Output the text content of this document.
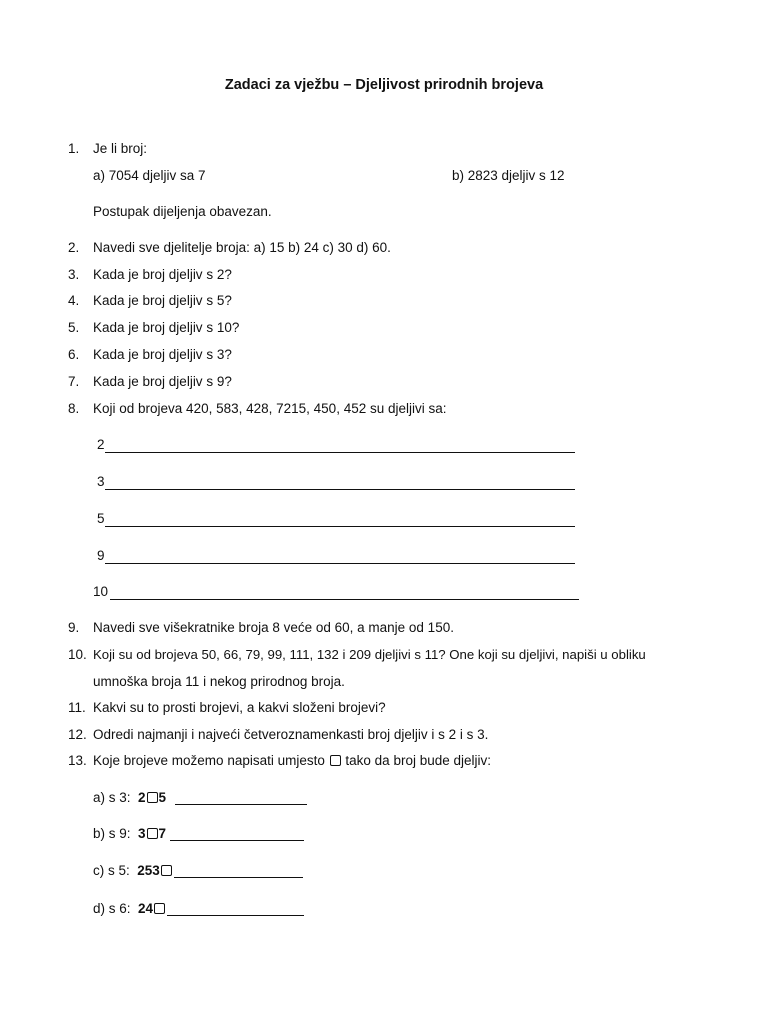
Zadaci za vježbu – Djeljivost prirodnih brojeva
1. Je li broj:
a) 7054 djeljiv sa 7	b) 2823 djeljiv s 12
Postupak dijeljenja obavezan.
2. Navedi sve djelitelje broja: a) 15 b) 24 c) 30 d) 60.
3. Kada je broj djeljiv s 2?
4. Kada je broj djeljiv s 5?
5. Kada je broj djeljiv s 10?
6. Kada je broj djeljiv s 3?
7. Kada je broj djeljiv s 9?
8. Koji od brojeva 420, 583, 428, 7215, 450, 452 su djeljivi sa:
2
3
5
9
10
9. Navedi sve višekratnike broja 8 veće od 60, a manje od 150.
10. Koji su od brojeva 50, 66, 79, 99, 111, 132 i 209 djeljivi s 11? One koji su djeljivi, napiši u obliku
umnoška broja 11 i nekog prirodnog broja.
11. Kakvi su to prosti brojevi, a kakvi složeni brojevi?
12. Odredi najmanji i najveći četveroznamenkasti broj djeljiv i s 2 i s 3.
13. Koje brojeve možemo napisati umjesto tako da broj bude djeljiv:
a) s 3: 2 5
b) s 9: 3 7
c) s 5: 253
d) s 6: 24
